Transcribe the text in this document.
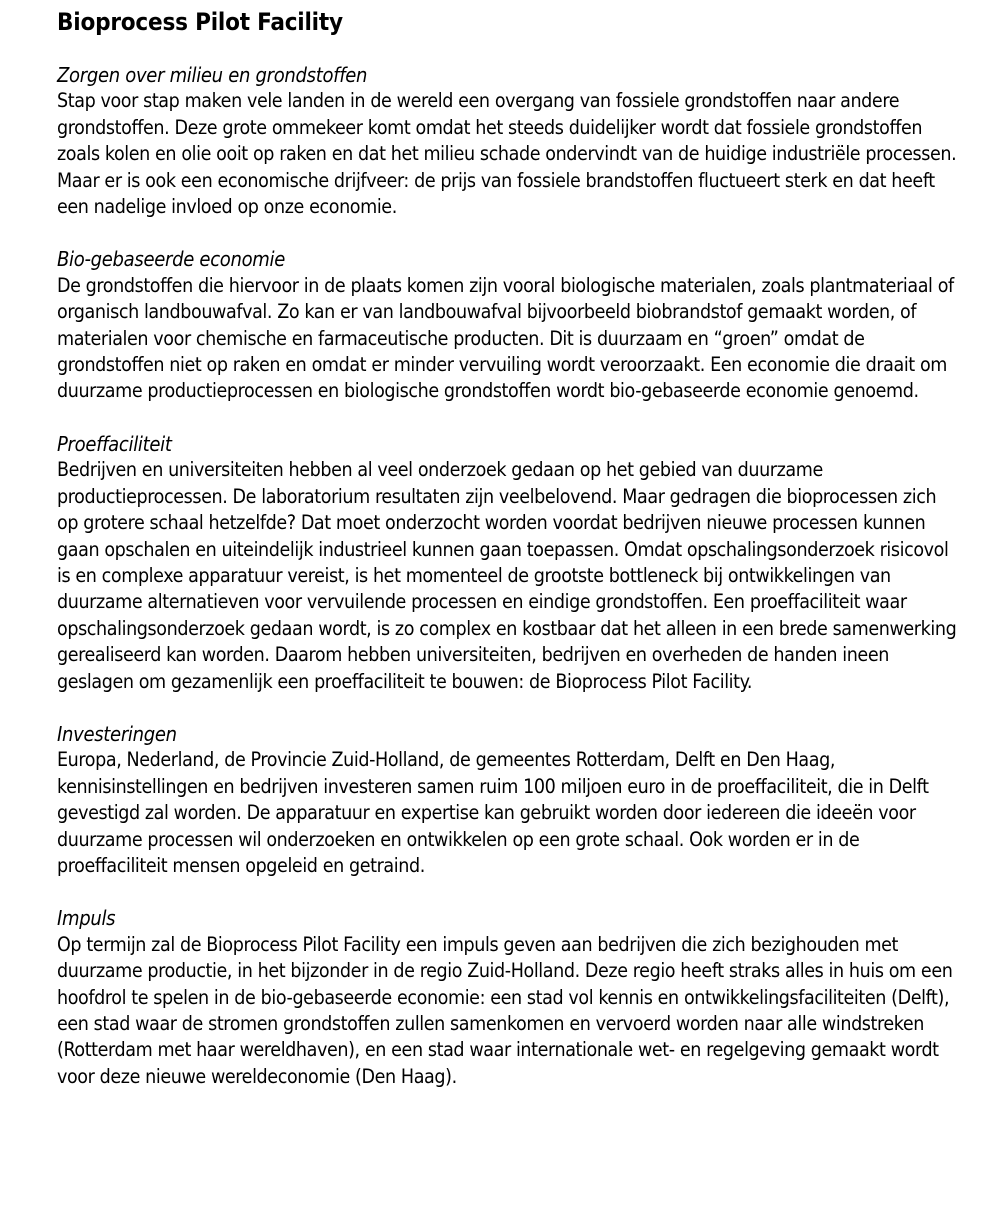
Bioprocess Pilot Facility
Zorgen over milieu en grondstoffen

Stap voor stap maken vele landen in de wereld een overgang van fossiele grondstoffen naar andere grondstoffen. Deze grote ommekeer komt omdat het steeds duidelijker wordt dat fossiele grondstoffen zoals kolen en olie ooit op raken en dat het milieu schade ondervindt van de huidige industriële processen. Maar er is ook een economische drijfveer: de prijs van fossiele brandstoffen fluctueert sterk en dat heeft een nadelige invloed op onze economie.

Bio-gebaseerde economie

De grondstoffen die hiervoor in de plaats komen zijn vooral biologische materialen, zoals plantmateriaal of organisch landbouwafval. Zo kan er van landbouwafval bijvoorbeeld biobrandstof gemaakt worden, of materialen voor chemische en farmaceutische producten. Dit is duurzaam en “groen” omdat de grondstoffen niet op raken en omdat er minder vervuiling wordt veroorzaakt. Een economie die draait om duurzame productieprocessen en biologische grondstoffen wordt bio-gebaseerde economie genoemd.

Proeffaciliteit

Bedrijven en universiteiten hebben al veel onderzoek gedaan op het gebied van duurzame productieprocessen. De laboratorium resultaten zijn veelbelovend. Maar gedragen die bioprocessen zich op grotere schaal hetzelfde? Dat moet onderzocht worden voordat bedrijven nieuwe processen kunnen gaan opschalen en uiteindelijk industrieel kunnen gaan toepassen. Omdat opschalingsonderzoek risicovol is en complexe apparatuur vereist, is het momenteel de grootste bottleneck bij ontwikkelingen van duurzame alternatieven voor vervuilende processen en eindige grondstoffen. Een proeffaciliteit waar opschalingsonderzoek gedaan wordt, is zo complex en kostbaar dat het alleen in een brede samenwerking gerealiseerd kan worden. Daarom hebben universiteiten, bedrijven en overheden de handen ineen geslagen om gezamenlijk een proeffaciliteit te bouwen: de Bioprocess Pilot Facility.

Investeringen

Europa, Nederland, de Provincie Zuid-Holland, de gemeentes Rotterdam, Delft en Den Haag, kennisinstellingen en bedrijven investeren samen ruim 100 miljoen euro in de proeffaciliteit, die in Delft gevestigd zal worden. De apparatuur en expertise kan gebruikt worden door iedereen die ideeën voor duurzame processen wil onderzoeken en ontwikkelen op een grote schaal. Ook worden er in de proeffaciliteit mensen opgeleid en getraind.

Impuls

Op termijn zal de Bioprocess Pilot Facility een impuls geven aan bedrijven die zich bezighouden met duurzame productie, in het bijzonder in de regio Zuid-Holland. Deze regio heeft straks alles in huis om een hoofdrol te spelen in de bio-gebaseerde economie: een stad vol kennis en ontwikkelingsfaciliteiten (Delft), een stad waar de stromen grondstoffen zullen samenkomen en vervoerd worden naar alle windstreken (Rotterdam met haar wereldhaven), en een stad waar internationale wet- en regelgeving gemaakt wordt voor deze nieuwe wereldeconomie (Den Haag).
